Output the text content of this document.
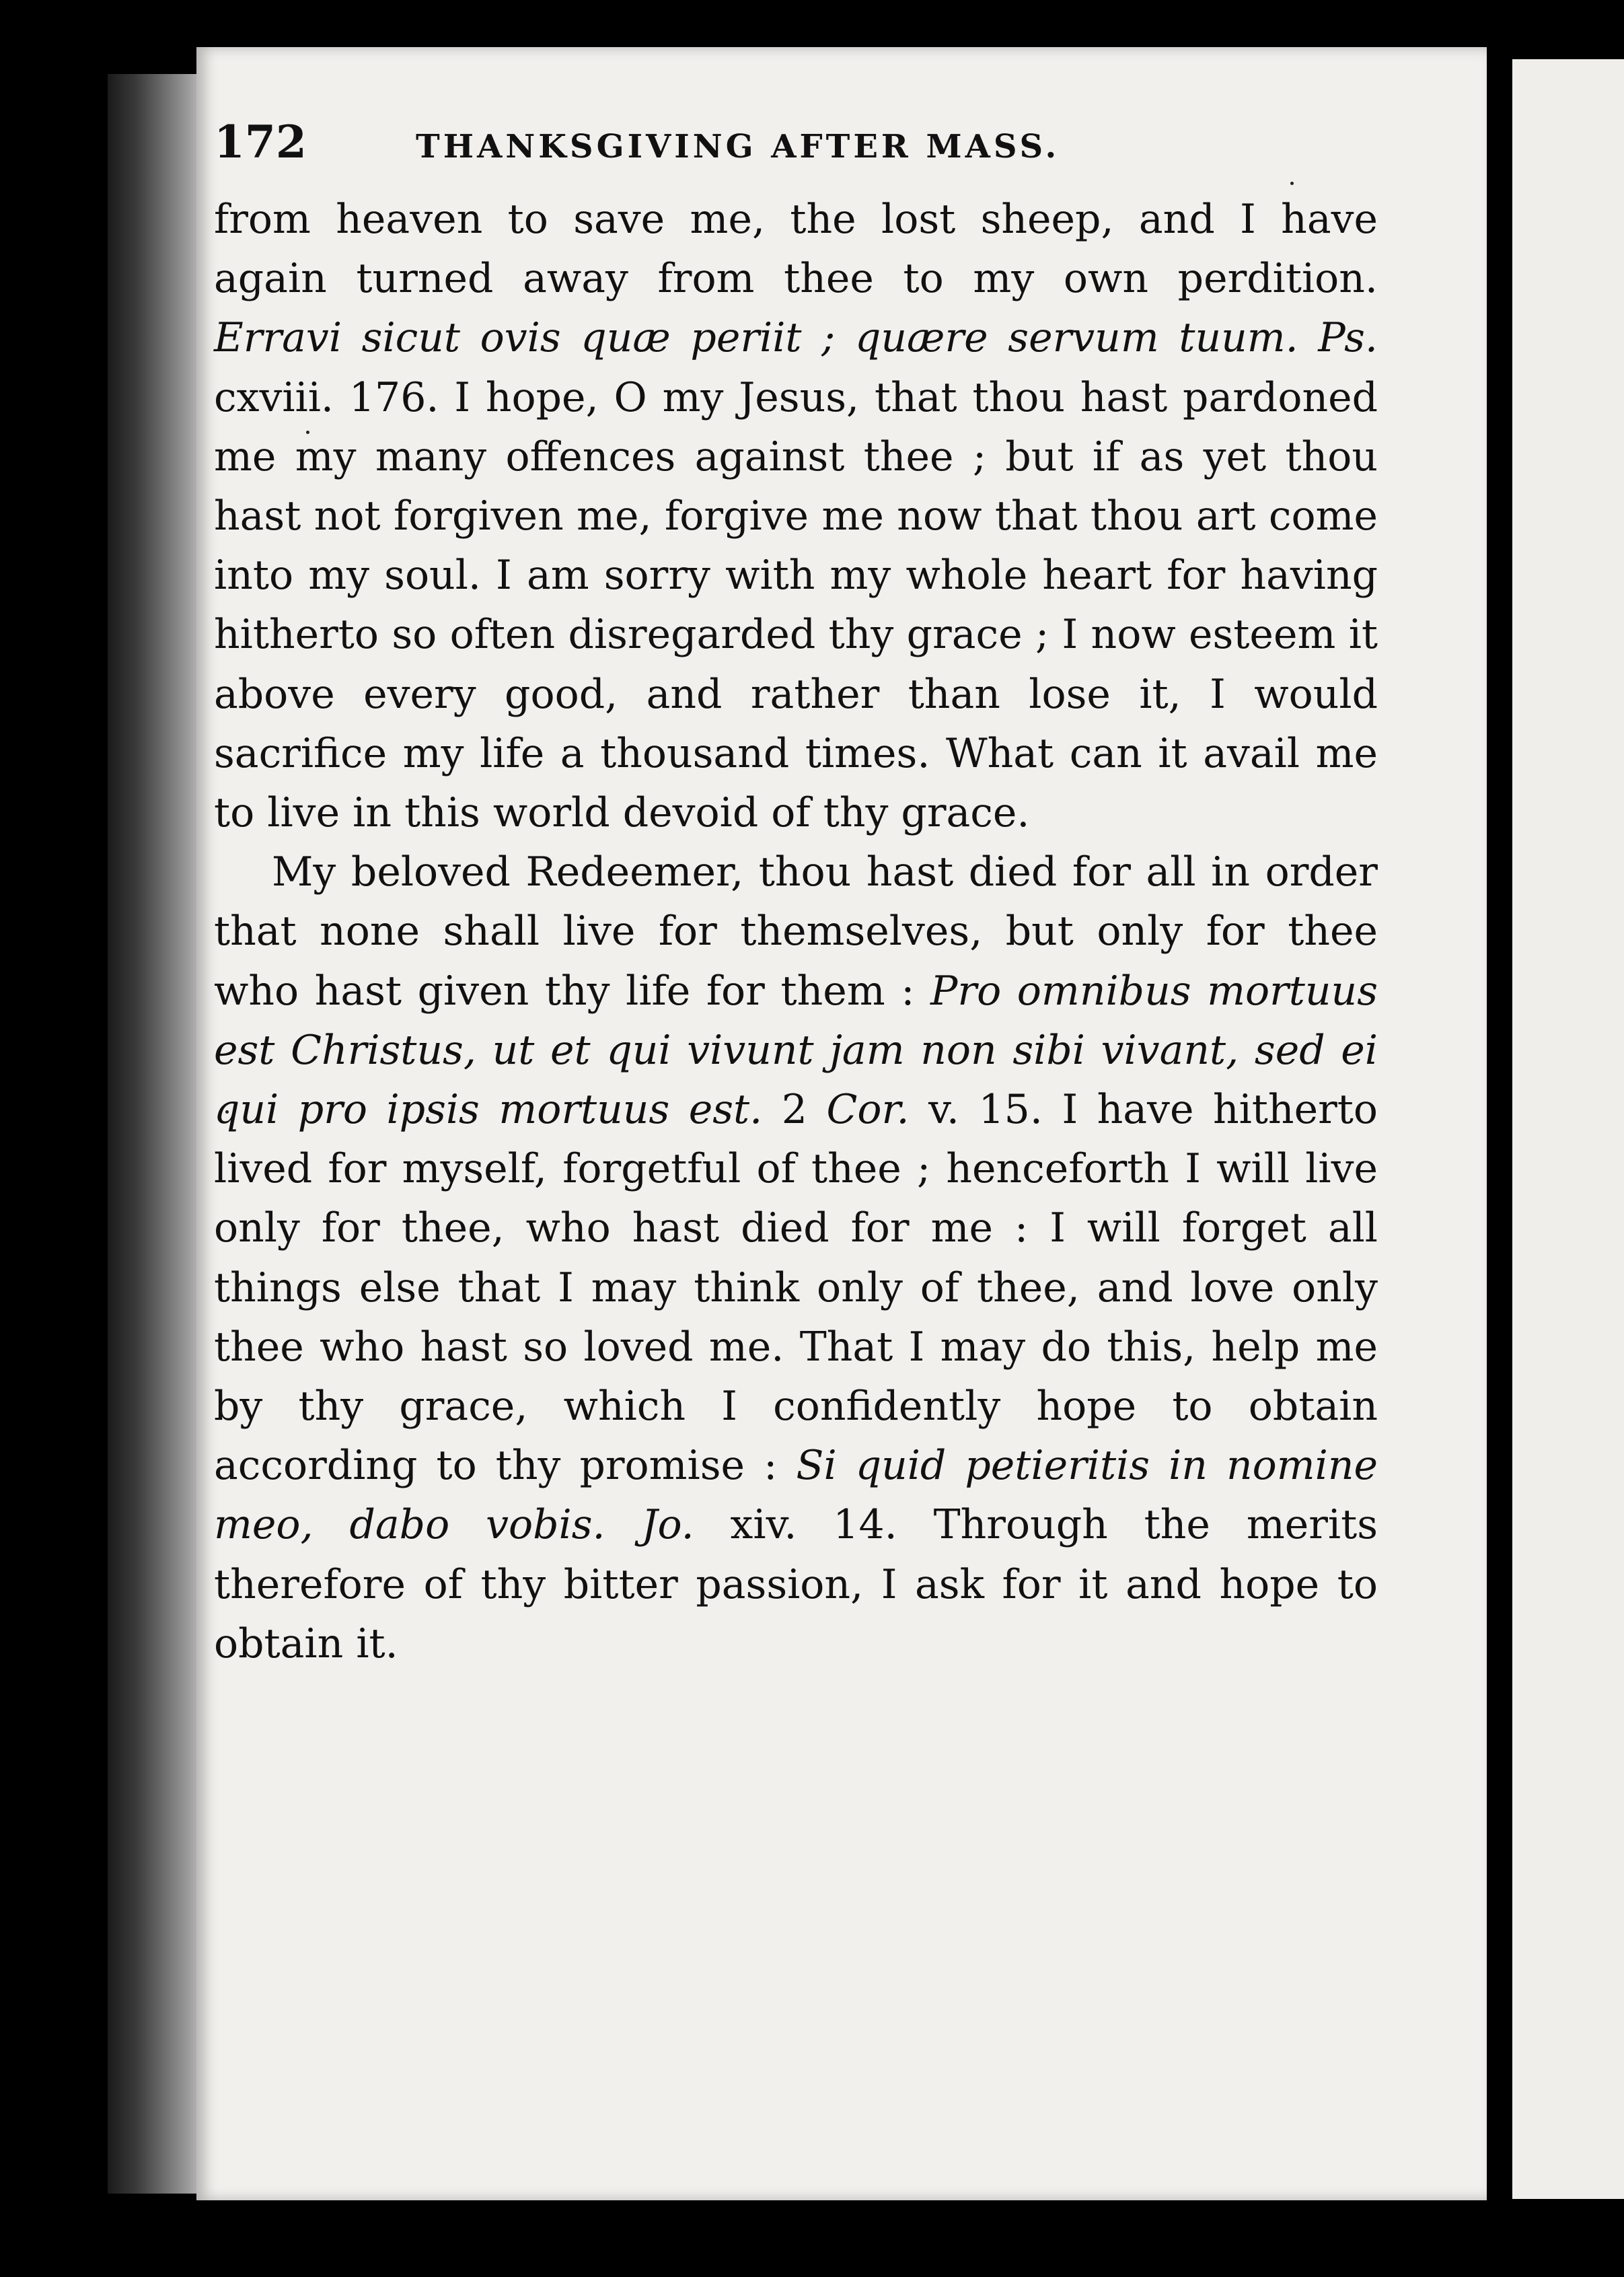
172	THANKSGIVING AFTER MASS.

from heaven to save me, the lost sheep, and I have again turned away from thee to my own perdition. Erravi sicut ovis quæ periit ; quære servum tuum. Ps. cxviii. 176. I hope, O my Jesus, that thou hast pardoned me my many offences against thee ; but if as yet thou hast not forgiven me, forgive me now that thou art come into my soul. I am sorry with my whole heart for having hitherto so often disregarded thy grace ; I now esteem it above every good, and rather than lose it, I would sacrifice my life a thousand times. What can it avail me to live in this world devoid of thy grace.

My beloved Redeemer, thou hast died for all in order that none shall live for themselves, but only for thee who hast given thy life for them : Pro omnibus mortuus est Christus, ut et qui vivunt jam non sibi vivant, sed ei qui pro ipsis mortuus est. 2 Cor. v. 15. I have hitherto lived for myself, forgetful of thee ; henceforth I will live only for thee, who hast died for me : I will forget all things else that I may think only of thee, and love only thee who hast so loved me. That I may do this, help me by thy grace, which I confidently hope to obtain according to thy promise : Si quid petieritis in nomine meo, dabo vobis. Jo. xiv. 14. Through the merits therefore of thy bitter passion, I ask for it and hope to obtain it.
